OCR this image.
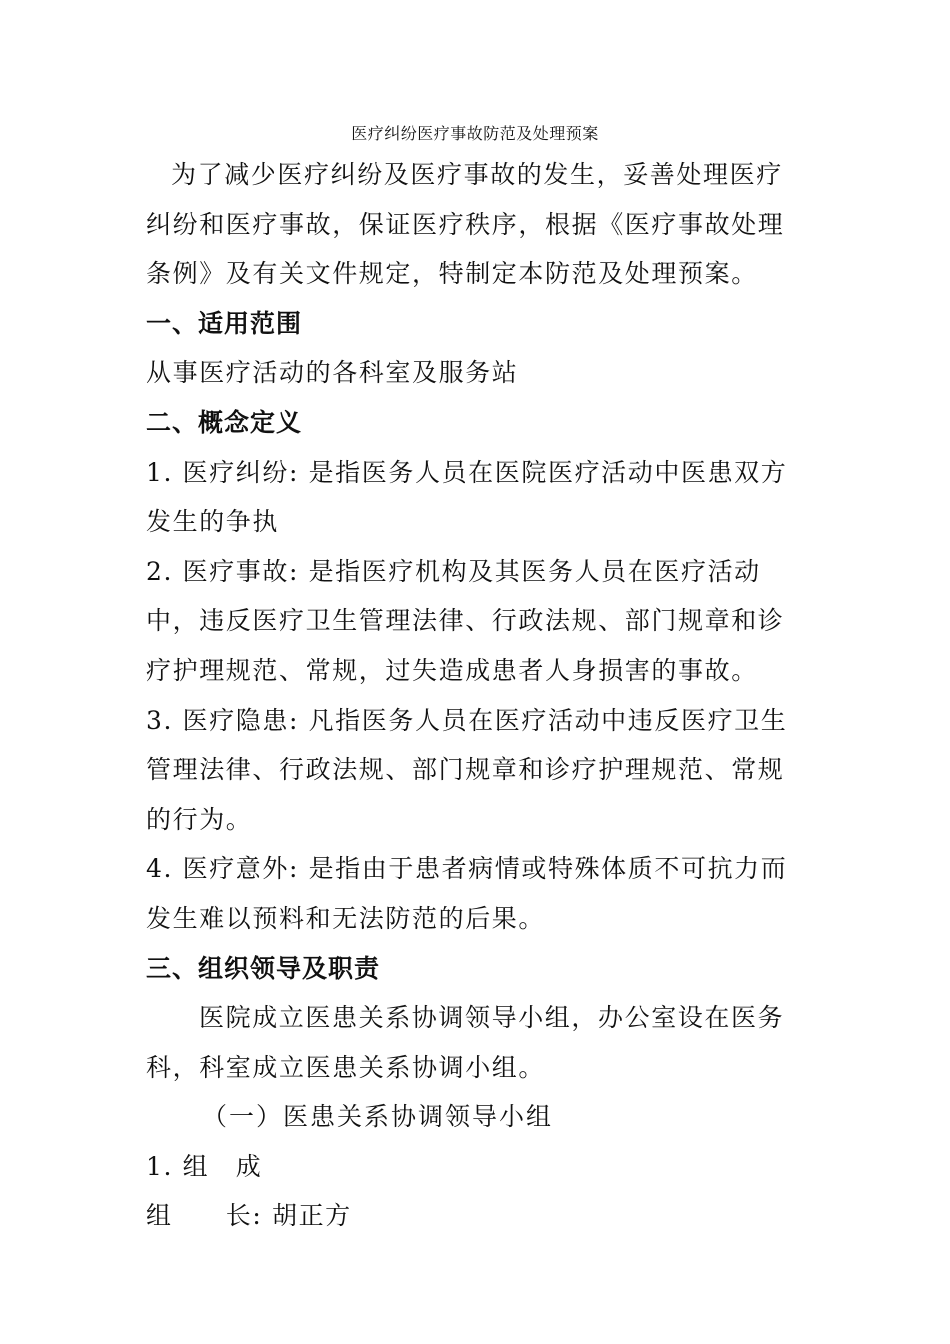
医疗纠纷医疗事故防范及处理预案

为了减少医疗纠纷及医疗事故的发生，妥善处理医疗纠纷和医疗事故，保证医疗秩序，根据《医疗事故处理条例》及有关文件规定，特制定本防范及处理预案。

一、适用范围

从事医疗活动的各科室及服务站

二、概念定义

1. 医疗纠纷: 是指医务人员在医院医疗活动中医患双方发生的争执

2. 医疗事故: 是指医疗机构及其医务人员在医疗活动中，违反医疗卫生管理法律、行政法规、部门规章和诊疗护理规范、常规，过失造成患者人身损害的事故。

3. 医疗隐患: 凡指医务人员在医疗活动中违反医疗卫生管理法律、行政法规、部门规章和诊疗护理规范、常规的行为。

4. 医疗意外: 是指由于患者病情或特殊体质不可抗力而发生难以预料和无法防范的后果。

三、组织领导及职责

医院成立医患关系协调领导小组，办公室设在医务科，科室成立医患关系协调小组。

（一）医患关系协调领导小组

1. 组　成

组　　长: 胡正方
